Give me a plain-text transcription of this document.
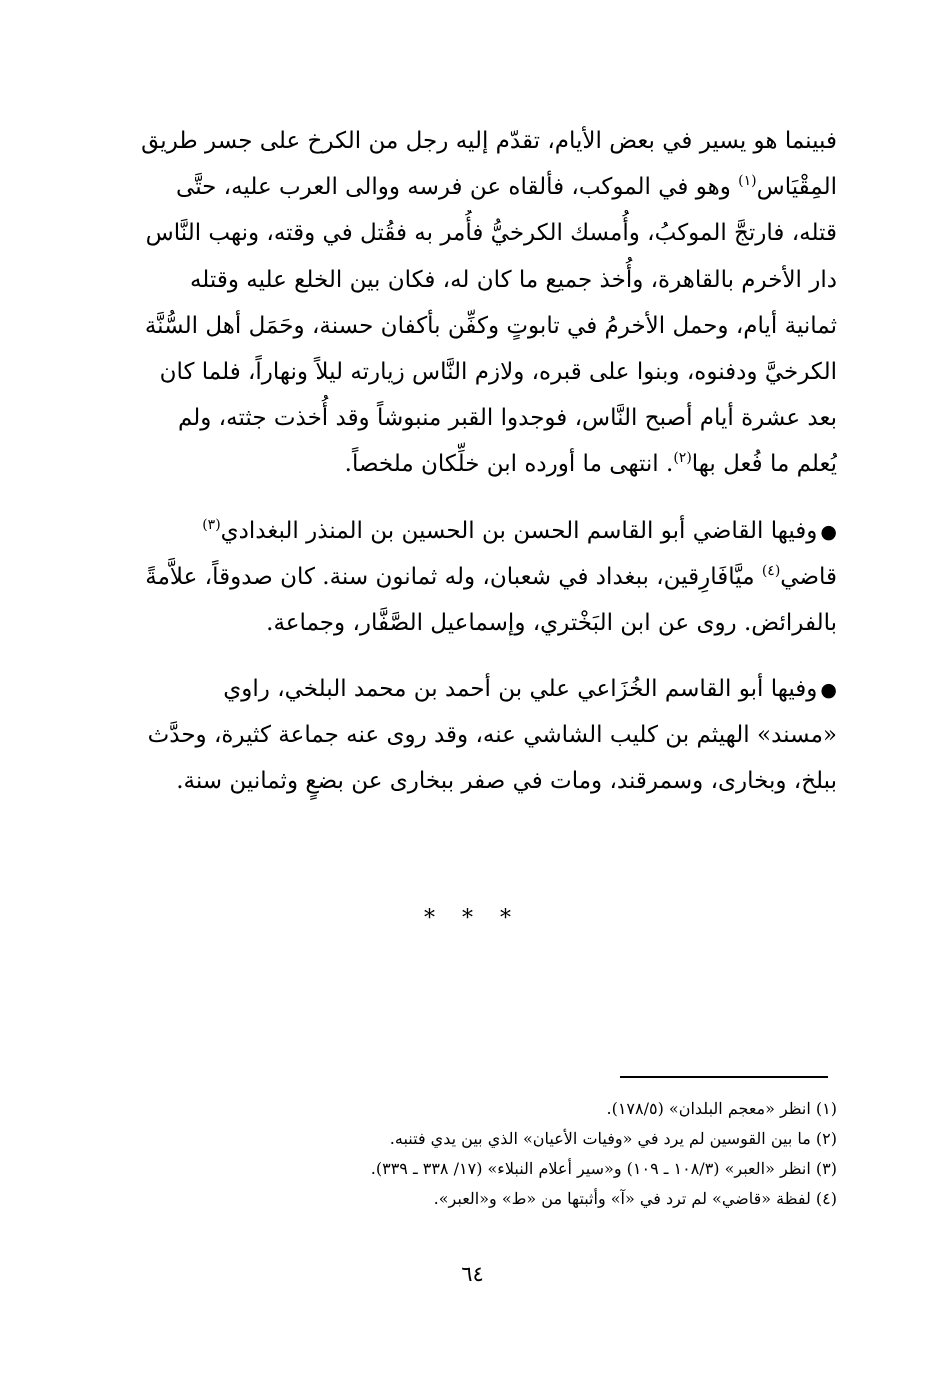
فبينما هو يسير في بعض الأيام، تقدّم إليه رجل من الكرخ على جسر طريق
المِقْيَاس$^{(١)}$ وهو في الموكب، فألقاه عن فرسه ووالى العرب عليه، حتَّى
قتله، فارتجَّ الموكبُ، وأُمسك الكرخيُّ فأُمر به فقُتل في وقته، ونهب النَّاس
دار الأخرم بالقاهرة، وأُخذ جميع ما كان له، فكان بين الخلع عليه وقتله
ثمانية أيام، وحمل الأخرمُ في تابوتٍ وكفِّن بأكفان حسنة، وحَمَل أهل السُّنَّة
الكرخيَّ ودفنوه، وبنوا على قبره، ولازم النَّاس زيارته ليلاً ونهاراً، فلما كان
بعد عشرة أيام أصبح النَّاس، فوجدوا القبر منبوشاً وقد أُخذت جثته، ولم
يُعلم ما فُعل بها$^{(٢)}$. انتهى ما أورده ابن خلِّكان ملخصاً.
●وفيها القاضي أبو القاسم الحسن بن الحسين بن المنذر البغدادي$^{(٣)}$
قاضي$^{(٤)}$ ميَّافَارِقين، ببغداد في شعبان، وله ثمانون سنة. كان صدوقاً، علاَّمةً
بالفرائض. روى عن ابن البَخْتري، وإسماعيل الصَّفَّار، وجماعة.
●وفيها أبو القاسم الخُزَاعي علي بن أحمد بن محمد البلخي، راوي
«مسند» الهيثم بن كليب الشاشي عنه، وقد روى عنه جماعة كثيرة، وحدَّث
ببلخ، وبخارى، وسمرقند، ومات في صفر ببخارى عن بضعٍ وثمانين سنة.
* * *
(١) انظر «معجم البلدان» (١٧٨/٥).
(٢) ما بين القوسين لم يرد في «وفيات الأعيان» الذي بين يدي فتنبه.
(٣) انظر «العبر» (١٠٨/٣ ـ ١٠٩) و«سير أعلام النبلاء» (١٧/ ٣٣٨ ـ ٣٣٩).
(٤) لفظة «قاضي» لم ترد في «آ» وأثبتها من «ط» و«العبر».
٦٤
